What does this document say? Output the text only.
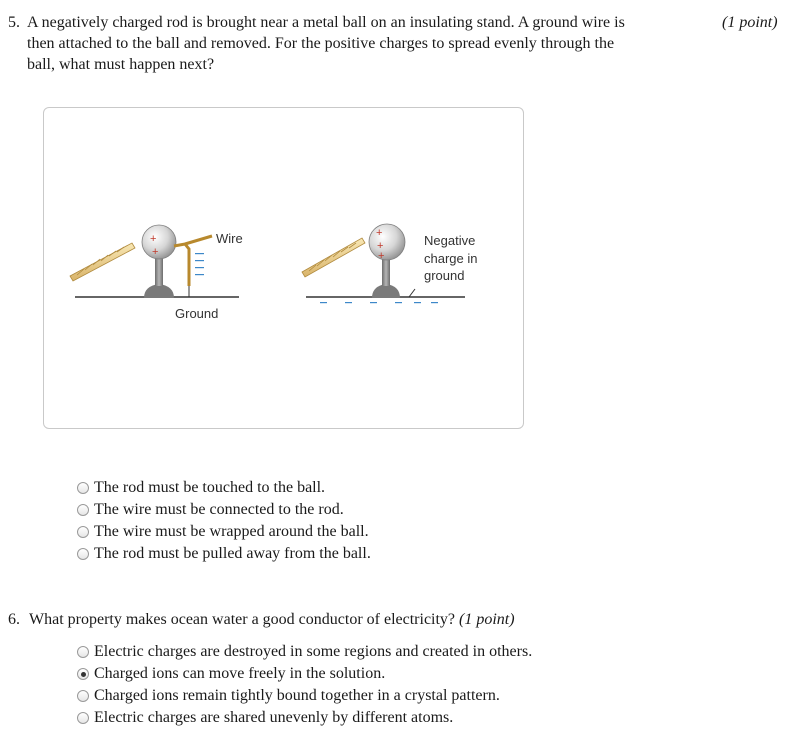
5. A negatively charged rod is brought near a metal ball on an insulating stand. A ground wire is	(1 point)
then attached to the ball and removed. For the positive charges to spread evenly through the
ball, what must happen next?
+
+
Wire
Ground
+
+
+
Negative
charge in
ground
The rod must be touched to the ball.
The wire must be connected to the rod.
The wire must be wrapped around the ball.
The rod must be pulled away from the ball.
6. What property makes ocean water a good conductor of electricity? (1 point)
Electric charges are destroyed in some regions and created in others.
Charged ions can move freely in the solution.
Charged ions remain tightly bound together in a crystal pattern.
Electric charges are shared unevenly by different atoms.
